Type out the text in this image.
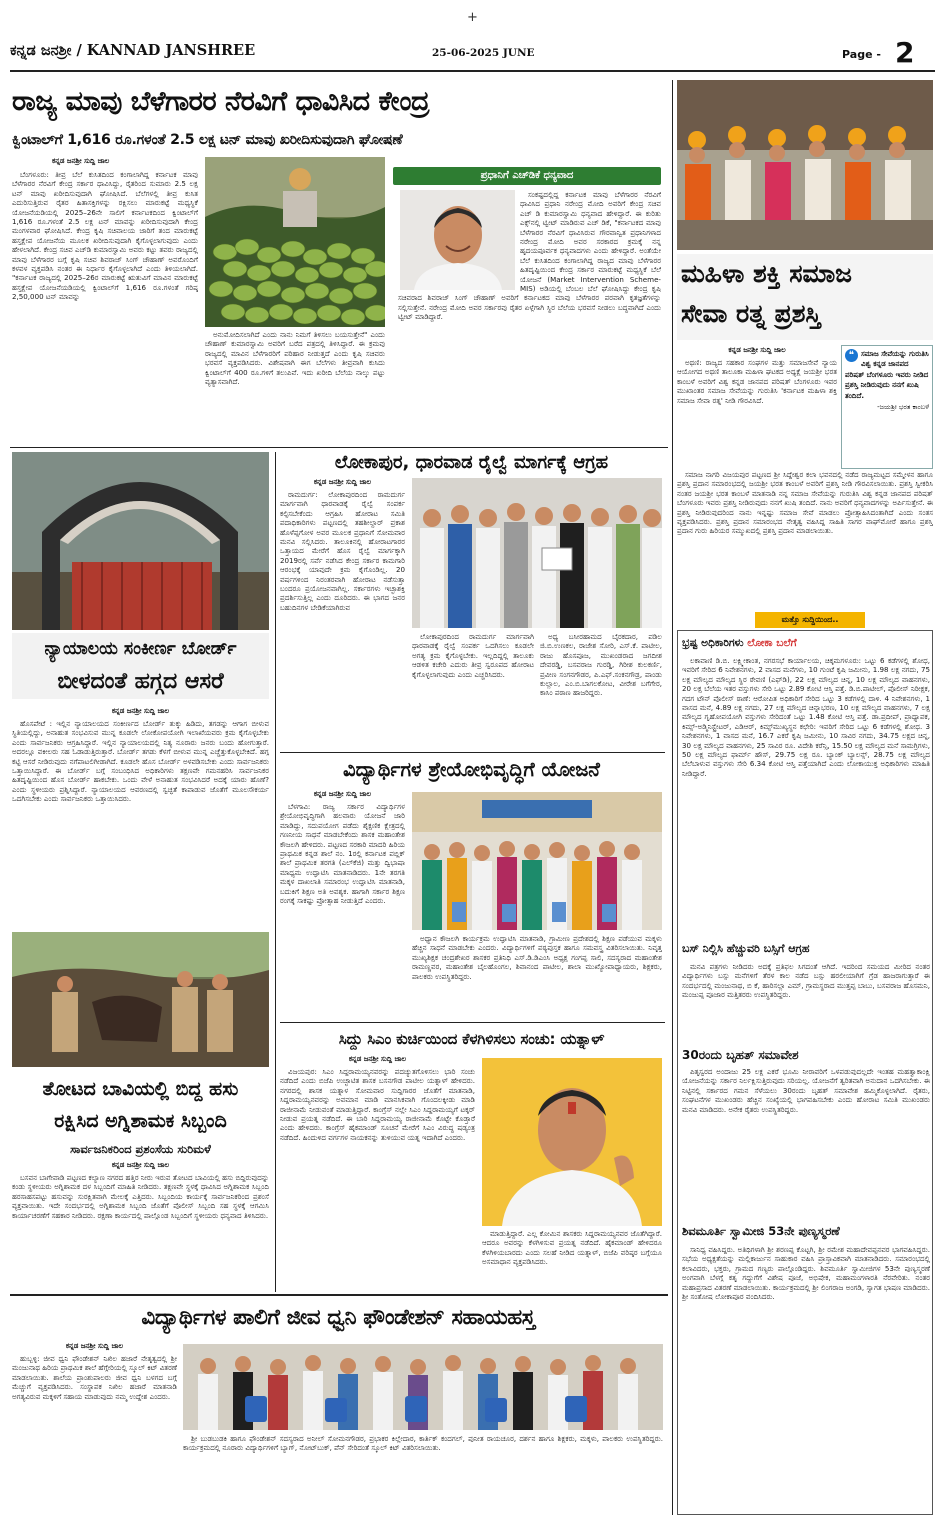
ಕನ್ನಡ ಜನಶ್ರೀ / KANNAD JANSHREE
+
25-06-2025 JUNE	Page - 2
ರಾಜ್ಯ ಮಾವು ಬೆಳೆಗಾರರ ನೆರವಿಗೆ ಧಾವಿಸಿದ ಕೇಂದ್ರ
ಕ್ವಿಂಟಾಲ್‌ಗೆ 1,616 ರೂ.ಗಳಂತೆ 2.5 ಲಕ್ಷ ಟನ್ ಮಾವು ಖರೀದಿಸುವುದಾಗಿ ಘೋಷಣೆ
ಕನ್ನಡ ಜನಶ್ರೀ ಸುದ್ದಿ ಜಾಲ

ಬೆಂಗಳೂರು: ತೀವ್ರ ಬೆಲೆ ಕುಸಿತದಿಂದ ಕಂಗಾಲಾಗಿದ್ದ ಕರ್ನಾಟಕ ಮಾವು ಬೆಳೆಗಾರರ ನೆರವಿಗೆ ಕೇಂದ್ರ ಸರ್ಕಾರ ಧಾವಿಸಿದ್ದು, ರೈತರಿಂದ ಸುಮಾರು 2.5 ಲಕ್ಷ ಟನ್ ಮಾವು ಖರೀದಿಸುವುದಾಗಿ ಘೋಷಿಸಿದೆ. ಬೆಲೆಗಳಲ್ಲಿ ತೀವ್ರ ಕುಸಿತ ಎದುರಿಸುತ್ತಿರುವ ರೈತರ ಹಿತಾಸಕ್ತಿಗಳನ್ನು ರಕ್ಷಿಸಲು ಮಾರುಕಟ್ಟೆ ಮಧ್ಯಸ್ಥಿಕೆ ಯೋಜನೆಯಡಿಯಲ್ಲಿ 2025–26ನೇ ಸಾಲಿಗೆ ಕರ್ನಾಟಕದಿಂದ ಕ್ವಿಂಟಾಲ್‌ಗೆ 1,616 ರೂ.ಗಳಂತೆ 2.5 ಲಕ್ಷ ಟನ್ ಮಾವನ್ನು ಖರೀದಿಸುವುದಾಗಿ ಕೇಂದ್ರ ಮಂಗಳವಾರ ಘೋಷಿಸಿದೆ. ಕೇಂದ್ರ ಕೃಷಿ ಸಚಿವಾಲಯ ಜಾರಿಗೆ ತಂದ ಮಾರುಕಟ್ಟೆ ಹಸ್ತಕ್ಷೇಪ ಯೋಜನೆಯ ಮೂಲಕ ಖರೀದಿಸುವುದಾಗಿ ಕೈಗೊಳ್ಳಲಾಗುವುದು ಎಂದು ಹೇಳಲಾಗಿದೆ. ಕೇಂದ್ರ ಸಚಿವ ಎಚ್‌ಡಿ ಕುಮಾರಸ್ವಾಮಿ ಅವರು ಕಟ್ಟು ತವರು ರಾಜ್ಯದಲ್ಲಿ ಮಾವು ಬೆಳೆಗಾರರ ಬಗ್ಗೆ ಕೃಷಿ ಸಚಿವ ಶಿವರಾಜ್ ಸಿಂಗ್ ಚೌಹಾಣ್ ಅವರೊಂದಿಗೆ ಕಳವಳ ವ್ಯಕ್ತಪಡಿಸಿ ನಂತರ ಈ ನಿರ್ಧಾರ ಕೈಗೊಳ್ಳಲಾಗಿದೆ ಎಂದು ತಿಳಿಯಲಾಗಿದೆ. "ಕರ್ನಾಟಕ ರಾಜ್ಯದಲ್ಲಿ 2025–26ರ ಮಾರುಕಟ್ಟೆ ಋತುವಿಗೆ ಮಾವಿನ ಮಾರುಕಟ್ಟೆ ಹಸ್ತಕ್ಷೇಪ ಯೋಜನೆಯಡಿಯಲ್ಲಿ ಕ್ವಿಂಟಾಲ್‌ಗೆ 1,616 ರೂ.ಗಳಂತೆ ಗರಿಷ್ಠ 2,50,000 ಟನ್ ಮಾವನ್ನು

ಅನುಮೋದಿಸಲಾಗಿದೆ ಎಂದು ನಾನು ನಿಮಗೆ ತಿಳಿಸಲು ಬಯಸುತ್ತೇನೆ" ಎಂದು ಚೌಹಾಣ್ ಕುಮಾರಸ್ವಾಮಿ ಅವರಿಗೆ ಬರೆದ ಪತ್ರದಲ್ಲಿ ತಿಳಿಸಿದ್ದಾರೆ. ಈ ಕ್ರಮವು ರಾಜ್ಯದಲ್ಲಿ ಮಾವಿನ ಬೆಳೆಗಾರರಿಗೆ ಪರಿಹಾರ ನೀಡುತ್ತದೆ ಎಂದು ಕೃಷಿ ಸಚಿವರು ಭರವಸೆ ವ್ಯಕ್ತಪಡಿಸಿದರು. ವಿಶೇಷವಾಗಿ ಈಗ ಬೆಲೆಗಳು ತೀವ್ರವಾಗಿ ಕುಸಿದು ಕ್ವಿಂಟಾಲ್‌ಗೆ 400 ರೂ.ಗಳಿಗೆ ತಲುಪಿವೆ. ಇದು ಖರೀದಿ ಬೆಲೆಯ ನಾಲ್ಕು ಪಟ್ಟು ವ್ಯತ್ಯಾಸವಾಗಿದೆ.

ಪ್ರಧಾನಿಗೆ ಎಚ್‌ಡಿಕೆ ಧನ್ಯವಾದ

ಸಂಕಷ್ಟದಲ್ಲಿದ್ದ ಕರ್ನಾಟಕ ಮಾವು ಬೆಳೆಗಾರರ ನೆರವಿಗೆ ಧಾವಿಸಿದ ಪ್ರಧಾನಿ ನರೇಂದ್ರ ಮೋದಿ ಅವರಿಗೆ ಕೇಂದ್ರ ಸಚಿವ ಎಚ್ ಡಿ ಕುಮಾರಸ್ವಾಮಿ ಧನ್ಯವಾದ ಹೇಳಿದ್ದಾರೆ. ಈ ಕುರಿತು ಎಕ್ಸ್‌ನಲ್ಲಿ ಟ್ವೀಟ್ ಮಾಡಿರುವ ಎಚ್ ಡಿಕೆ, "ಕರ್ನಾಟಕದ ಮಾವು ಬೆಳೆಗಾರರ ನೆರವಿಗೆ ಧಾವಿಸಿರುವ ಗೌರವಾನ್ವಿತ ಪ್ರಧಾನಿಗಳಾದ ನರೇಂದ್ರ ಮೋದಿ ಅವರ ಸರಕಾರದ ಕ್ರಮಕ್ಕೆ ನನ್ನ ಹೃದಯಪೂರ್ವಕ ಧನ್ಯವಾದಗಳು ಎಂದು ಹೇಳಿದ್ದಾರೆ. ಅಂತೆಯೇ ಬೆಲೆ ಕುಸಿತದಿಂದ ಕಂಗಾಲಾಗಿದ್ದ ರಾಜ್ಯದ ಮಾವು ಬೆಳೆಗಾರರ ಹಿತದೃಷ್ಟಿಯಿಂದ ಕೇಂದ್ರ ಸರ್ಕಾರ ಮಾರುಕಟ್ಟೆ ಮಧ್ಯಸ್ಥಿಕೆ ಬೆಲೆ ಯೋಜನೆ (Market Intervention Scheme-MIS) ಅಡಿಯಲ್ಲಿ ಬೆಂಬಲ ಬೆಲೆ ಘೋಷಿಸಿದ್ದು ಕೇಂದ್ರ ಕೃಷಿ ಸಚಿವರಾದ ಶಿವರಾಜ್ ಸಿಂಗ್ ಚೌಹಾಣ್ ಅವರಿಗೆ ಕರ್ನಾಟಕದ ಮಾವು ಬೆಳೆಗಾರರ ಪರವಾಗಿ ಕೃತಜ್ಞತೆಗಳನ್ನು ಸಲ್ಲಿಸುತ್ತೇನೆ. ನರೇಂದ್ರ ಮೋದಿ ಅವರ ಸರ್ಕಾರವು ರೈತರ ಏಳ್ಗೆಗಾಗಿ ಸ್ಥಿರ ಬೆಲೆಯ ಭರವಸೆ ನೀಡಲು ಬದ್ಧವಾಗಿದೆ ಎಂದು ಟ್ವೀಟ್ ಮಾಡಿದ್ದಾರೆ.

ಮಹಿಳಾ ಶಕ್ತಿ ಸಮಾಜ
ಸೇವಾ ರತ್ನ ಪ್ರಶಸ್ತಿ
ಕನ್ನಡ ಜನಶ್ರೀ ಸುದ್ದಿ ಜಾಲ

ಅಥಣಿ: ರಾಜ್ಯದ ಸಹಕಾರ ಸಂಘಗಳ ಮತ್ತು ಸಮಾಜಸೇವೆ ನ್ಯಾಯ ಆಯೋಗದ ಅಥಣಿ ತಾಲೂಕಾ ಮಹಿಳಾ ಘಟಕದ ಅಧ್ಯಕ್ಷೆ ಜಯಶ್ರೀ ಭರತ ಕಾಂಬಳೆ ಅವರಿಗೆ ವಿಶ್ವ ಕನ್ನಡ ಜಾನಪದ ಪರಿಷತ್ ಬೆಂಗಳೂರು ಇವರ ಮುಖಾಂತರ ಸಮಾಜ ಸೇವೆಯನ್ನು ಗುರುತಿಸಿ 'ಕರ್ನಾಟಕ ಮಹಿಳಾ ಶಕ್ತಿ ಸಮಾಜ ಸೇವಾ ರತ್ನ' ನೀಡಿ ಗೌರವಿಸಿದೆ.

❝ ಸಮಾಜ ಸೇವೆಯನ್ನು ಗುರುತಿಸಿ ವಿಶ್ವ ಕನ್ನಡ ಜಾನಪದ ಪರಿಷತ್ ಬೆಂಗಳೂರು ಇವರು ನೀಡಿದ ಪ್ರಶಸ್ತಿ ನೀಡಿರುವುದು ನನಗೆ ಖುಷಿ ತಂದಿದೆ.
-ಜಯಶ್ರೀ ಭರತ ಕಾಂಬಳೆ

ಸಮಾಜ ನಾಗರಿ ವಿಜಯಪುರ ಪಟ್ಟಣದ ಶ್ರೀ ಸಿದ್ದೇಶ್ವರ ಕಲಾ ಭವನದಲ್ಲಿ ನಡೆದ ರಾಜ್ಯಮಟ್ಟದ ಸಮ್ಮೇಳನ ಹಾಗೂ ಪ್ರಶಸ್ತಿ ಪ್ರದಾನ ಸಮಾರಂಭದಲ್ಲಿ ಜಯಶ್ರೀ ಭರತ ಕಾಂಬಳೆ ಅವರಿಗೆ ಪ್ರಶಸ್ತಿ ನೀಡಿ ಗೌರವಿಸಲಾಯಿತು. ಪ್ರಶಸ್ತಿ ಸ್ವೀಕರಿಸಿ ನಂತರ ಜಯಶ್ರೀ ಭರತ ಕಾಂಬಳೆ ಮಾತನಾಡಿ ನನ್ನ ಸಮಾಜ ಸೇವೆಯನ್ನು ಗುರುತಿಸಿ ವಿಶ್ವ ಕನ್ನಡ ಜಾನಪದ ಪರಿಷತ್ ಬೆಂಗಳೂರು ಇವರು ಪ್ರಶಸ್ತಿ ನೀಡಿರುವುದು ನನಗೆ ಖುಷಿ ತಂದಿದೆ. ನಾನು ಅವರಿಗೆ ಧನ್ಯವಾದಗಳನ್ನು ಅರ್ಪಿಸುತ್ತೇನೆ. ಈ ಪ್ರಶಸ್ತಿ ನೀಡಿರುವುದರಿಂದ ನಾನು ಇನ್ನಷ್ಟು ಸಮಾಜ ಸೇವೆ ಮಾಡಲು ಪ್ರೋತ್ಸಾಹಿಸಿದಂತಾಗಿದೆ ಎಂದು ಸಂತಸ ವ್ಯಕ್ತಪಡಿಸಿದರು. ಪ್ರಶಸ್ತಿ ಪ್ರದಾನ ಸಮಾರಂಭದ ನೇತೃತ್ವ ವಹಿಸಿದ್ದ ಸಾಹಿತಿ ಸಾಗರ ವಾಘ್‌ಮೋರೆ ಹಾಗೂ ಪ್ರಶಸ್ತಿ ಪ್ರದಾನ ಗುರು ಹಿರಿಯರ ಸಮ್ಮುಖದಲ್ಲಿ ಪ್ರಶಸ್ತಿ ಪ್ರದಾನ ಮಾಡಲಾಯಿತು.

ನ್ಯಾಯಾಲಯ ಸಂಕೀರ್ಣ ಬೋರ್ಡ್
ಬೀಳದಂತೆ ಹಗ್ಗದ ಆಸರೆ
ಕನ್ನಡ ಜನಶ್ರೀ ಸುದ್ದಿ ಜಾಲ

ಹೊಸಪೇಟೆ : ಇಲ್ಲಿನ ನ್ಯಾಯಾಲಯದ ಸಂಕೀರ್ಣದ ಬೋರ್ಡ್ ತುಕ್ಕು ಹಿಡಿದು, ತಗಡನ್ನು ಆಗಾಗ ಬೀಳುವ ಸ್ಥಿತಿಯಲ್ಲಿದ್ದು, ಅನಾಹುತ ಸಂಭವಿಸುವ ಮುನ್ನ ಕೂಡಲೇ ಲೋಕೋಪಯೋಗಿ ಇಲಾಖೆಯವರು ಕ್ರಮ ಕೈಗೊಳ್ಳಬೇಕು ಎಂದು ಸಾರ್ವಜನಿಕರು ಆಗ್ರಹಿಸಿದ್ದಾರೆ. ಇಲ್ಲಿನ ನ್ಯಾಯಾಲಯದಲ್ಲಿ ನಿತ್ಯ ನೂರಾರು ಜನರು ಬಂದು ಹೋಗುತ್ತಾರೆ. ಅದರಲ್ಲೂ ವಕೀಲರು ಸಹ ಓಡಾಡುತ್ತಿರುತ್ತಾರೆ. ಬೋರ್ಡ್ ತಗಡು ಕೆಳಗೆ ಬೀಳುವ ಮುನ್ನ ಎಚ್ಚೆತ್ತುಕೊಳ್ಳಬೇಕಿದೆ. ಹಗ್ಗ ಕಟ್ಟಿ ಆಸರೆ ನೀಡಿರುವುದು ನಗೆಪಾಟಲಿಗೀಡಾಗಿದೆ. ಕೂಡಲೇ ಹೊಸ ಬೋರ್ಡ್ ಅಳವಡಿಸಬೇಕು ಎಂದು ಸಾರ್ವಜನಿಕರು ಒತ್ತಾಯಿಸಿದ್ದಾರೆ. ಈ ಬೋರ್ಡ್ ಬಗ್ಗೆ ಸಂಬಂಧಿಸಿದ ಅಧಿಕಾರಿಗಳು ತಕ್ಷಣವೇ ಗಮನಹರಿಸಿ ಸಾರ್ವಜನಿಕರ ಹಿತದೃಷ್ಟಿಯಿಂದ ಹೊಸ ಬೋರ್ಡ್ ಹಾಕಬೇಕು. ಒಂದು ವೇಳೆ ಅನಾಹುತ ಸಂಭವಿಸಿದರೆ ಅದಕ್ಕೆ ಯಾರು ಹೊಣೆ? ಎಂದು ಸ್ಥಳೀಯರು ಪ್ರಶ್ನಿಸಿದ್ದಾರೆ. ನ್ಯಾಯಾಲಯದ ಆವರಣದಲ್ಲಿ ಸ್ವಚ್ಛತೆ ಕಾಪಾಡುವ ಜೊತೆಗೆ ಮೂಲಸೌಕರ್ಯ ಒದಗಿಸಬೇಕು ಎಂದು ಸಾರ್ವಜನಿಕರು ಒತ್ತಾಯಿಸಿದರು.

ತೋಟದ ಬಾವಿಯಲ್ಲಿ ಬಿದ್ದ ಹಸು
ರಕ್ಷಿಸಿದ ಅಗ್ನಿಶಾಮಕ ಸಿಬ್ಬಂದಿ
ಸಾರ್ವಜನಿಕರಿಂದ ಪ್ರಶಂಸೆಯ ಸುರಿಮಳೆ
ಕನ್ನಡ ಜನಶ್ರೀ ಸುದ್ದಿ ಜಾಲ

ಬಸವನ ಬಾಗೇವಾಡಿ ಪಟ್ಟಣದ ಕಲ್ಯಾಣ ನಗರದ ಹತ್ತಿರ ನೀರು ಇರುವ ತೋಟದ ಬಾವಿಯಲ್ಲಿ ಹಸು ಬಿದ್ದಿರುವುದನ್ನು ಕಂಡು ಸ್ಥಳೀಯರು ಅಗ್ನಿಶಾಮಕ ದಳ ಸಿಬ್ಬಂದಿಗೆ ಮಾಹಿತಿ ನೀಡಿದರು. ತಕ್ಷಣವೇ ಸ್ಥಳಕ್ಕೆ ಧಾವಿಸಿದ ಅಗ್ನಿಶಾಮಕ ಸಿಬ್ಬಂದಿ ಹರಸಾಹಸಪಟ್ಟು ಹಸುವನ್ನು ಸುರಕ್ಷಿತವಾಗಿ ಮೇಲಕ್ಕೆ ಎತ್ತಿದರು. ಸಿಬ್ಬಂದಿಯ ಕಾರ್ಯಕ್ಕೆ ಸಾರ್ವಜನಿಕರಿಂದ ಪ್ರಶಂಸೆ ವ್ಯಕ್ತವಾಯಿತು. ಇದೇ ಸಂದರ್ಭದಲ್ಲಿ ಅಗ್ನಿಶಾಮಕ ಸಿಬ್ಬಂದಿ ಜೊತೆಗೆ ಪೊಲೀಸ್ ಸಿಬ್ಬಂದಿ ಸಹ ಸ್ಥಳಕ್ಕೆ ಆಗಮಿಸಿ ಕಾರ್ಯಾಚರಣೆಗೆ ಸಹಕಾರ ನೀಡಿದರು. ರಕ್ಷಣಾ ಕಾರ್ಯದಲ್ಲಿ ಪಾಲ್ಗೊಂಡ ಸಿಬ್ಬಂದಿಗೆ ಸ್ಥಳೀಯರು ಧನ್ಯವಾದ ತಿಳಿಸಿದರು.

ಲೋಕಾಪುರ, ಧಾರವಾಡ ರೈಲ್ವೆ ಮಾರ್ಗಕ್ಕೆ ಆಗ್ರಹ
ಕನ್ನಡ ಜನಶ್ರೀ ಸುದ್ದಿ ಜಾಲ

ರಾಮದುರ್ಗ: ಲೋಕಾಪುರದಿಂದ ರಾಮದುರ್ಗ ಮಾರ್ಗವಾಗಿ ಧಾರವಾಡಕ್ಕೆ ರೈಲ್ವೆ ಸಂಪರ್ಕ ಕಲ್ಪಿಸಬೇಕೆಂದು ಆಗ್ರಹಿಸಿ ಹೋರಾಟ ಸಮಿತಿ ಪದಾಧಿಕಾರಿಗಳು ಪಟ್ಟಣದಲ್ಲಿ ತಹಶೀಲ್ದಾರ್ ಪ್ರಕಾಶ ಹೊಳೆಪ್ಪಗೋಳ ಅವರ ಮೂಲಕ ಪ್ರಧಾನಿಗೆ ಸೋಮವಾರ ಮನವಿ ಸಲ್ಲಿಸಿದರು. ತಾಲೂಕಿನಲ್ಲಿ ಹೋರಾಟಗಾರರ ಒತ್ತಾಯದ ಮೇರೆಗೆ ಹೊಸ ರೈಲ್ವೆ ಮಾರ್ಗಕ್ಕಾಗಿ 2019ರಲ್ಲಿ ಸರ್ವೆ ನಡೆಸಿದ ಕೇಂದ್ರ ಸರ್ಕಾರ ಕಾಮಗಾರಿ ಆರಂಭಕ್ಕೆ ಯಾವುದೇ ಕ್ರಮ ಕೈಗೊಂಡಿಲ್ಲ. 20 ವರ್ಷಗಳಿಂದ ನಿರಂತರವಾಗಿ ಹೋರಾಟ ನಡೆಸುತ್ತಾ ಬಂದರೂ ಪ್ರಯೋಜನವಾಗಿಲ್ಲ. ಸರ್ಕಾರಗಳು ಇಚ್ಛಾಶಕ್ತಿ ಪ್ರದರ್ಶಿಸುತ್ತಿಲ್ಲ ಎಂದು ದೂರಿದರು. ಈ ಭಾಗದ ಜನರ ಬಹುದಿನಗಳ ಬೇಡಿಕೆಯಾಗಿರುವ

ಲೋಕಾಪುರದಿಂದ ರಾಮದುರ್ಗ ಮಾರ್ಗವಾಗಿ ಧಾರವಾಡಕ್ಕೆ ರೈಲ್ವೆ ಸಂಪರ್ಕ ಒದಗಿಸಲು ಕೂಡಲೇ ಅಗತ್ಯ ಕ್ರಮ ಕೈಗೊಳ್ಳಬೇಕು. ಇಲ್ಲದಿದ್ದಲ್ಲಿ ತಾಲೂಕು ಆಡಳಿತ ಕಚೇರಿ ಎದುರು ತೀವ್ರ ಸ್ವರೂಪದ ಹೋರಾಟ ಕೈಗೊಳ್ಳಲಾಗುವುದು ಎಂದು ಎಚ್ಚರಿಸಿದರು.

ಅಧ್ಯ ಬಸೀರಹಾಮದ ಬೈರಕದಾರ, ಪಡಿಲ ಜಿ.ಬಿ.ಉಣಕಲ, ರಾಜೇಶ ಸೋರಿ, ಎಸ್.ಕೆ. ಪಾಟೀಲ, ರಾಜು ಹೊಸಪೂಜ, ಮುಖಂಡರಾದ ಜಗದೀಶ ದೇವರಡ್ಡಿ, ಬಸವರಾಜ ಗುರಡ್ಡಿ, ಗಿರೀಶ ಕುಲಕರ್ಣಿ, ಪ್ರವೀಣ ಸಂಗನಗೌಡರ, ಪಿ.ಎಫ್.ಸಂಕನಗೌಡ್ರ, ಪಾಂಡು ಕುಲ್ಲಾಲ, ಎಂ.ಬಿ.ಬಾಗಲಕೋಟ, ವೀರೇಶ ಬಗೆಗೇರ, ಕಾಸಿಂ ಪಠಾಣ ಹಾಜರಿದ್ದರು.

ವಿದ್ಯಾರ್ಥಿಗಳ ಶ್ರೇಯೋಭಿವೃದ್ಧಿಗೆ ಯೋಜನೆ
ಕನ್ನಡ ಜನಶ್ರೀ ಸುದ್ದಿ ಜಾಲ

ಬೆಳಗಾವಿ: ರಾಜ್ಯ ಸರ್ಕಾರ ವಿದ್ಯಾರ್ಥಿಗಳ ಶ್ರೇಯೋಭಿವೃದ್ಧಿಗಾಗಿ ಹಲವಾರು ಯೋಜನೆ ಜಾರಿ ಮಾಡಿದ್ದು, ಸದುಪಯೋಗ ಪಡೆದು ಶೈಕ್ಷಣಿಕ ಕ್ಷೇತ್ರದಲ್ಲಿ ಗಣನೀಯ ಸಾಧನೆ ಮಾಡಬೇಕೆಂದು ಶಾಸಕ ಮಹಾಂತೇಶ ಕೌಜಲಗಿ ಹೇಳಿದರು. ಪಟ್ಟಣದ ಸರಕಾರಿ ಮಾದರಿ ಹಿರಿಯ ಪ್ರಾಥಮಿಕ ಕನ್ನಡ ಶಾಲೆ ನಂ. 1ರಲ್ಲಿ ಕರ್ನಾಟಕ ಪಬ್ಲಿಕ್ ಶಾಲೆ ಪ್ರಾಥಮಿಕ ತರಗತಿ (ಎಲ್‌ಕೆಜಿ) ಮತ್ತು ದ್ವಿಭಾಷಾ ಮಾಧ್ಯಮ ಉದ್ಘಾಟಿಸಿ ಮಾತನಾಡಿದರು. 1ನೇ ತರಗತಿ ಮಕ್ಕಳ ದಾಖಲಾತಿ ಸಮಾರಂಭ ಉದ್ಘಾಟಿಸಿ ಮಾತನಾಡಿ, ಬದುಕಿಗೆ ಶಿಕ್ಷಣ ಅತಿ ಅವಶ್ಯಕ. ಹಾಗಾಗಿ ಸರ್ಕಾರ ಶಿಕ್ಷಣ ರಂಗಕ್ಕೆ ಸಾಕಷ್ಟು ಪ್ರೋತ್ಸಾಹ ನೀಡುತ್ತಿದೆ ಎಂದರು.

ಅಧ್ಯಾನ ಕೌಜಲಗಿ ಕಾರ್ಯಕ್ರಮ ಉದ್ಘಾಟಿಸಿ ಮಾತನಾಡಿ, ಗ್ರಾಮೀಣ ಪ್ರದೇಶದಲ್ಲಿ ಶಿಕ್ಷಣ ಪಡೆಯುವ ಮಕ್ಕಳು ಹೆಚ್ಚಿನ ಸಾಧನೆ ಮಾಡಬೇಕು ಎಂದರು. ವಿದ್ಯಾರ್ಥಿಗಳಿಗೆ ಪಠ್ಯಪುಸ್ತಕ ಹಾಗೂ ಸಮವಸ್ತ್ರ ವಿತರಿಸಲಾಯಿತು. ನಿವೃತ್ತ ಮುಖ್ಯಶಿಕ್ಷಕ ಚಂದ್ರಶೇಖರ ಶಾಸಕರ ಪ್ರತಿನಿಧಿ ಎಸ್.ಡಿ.ಡಿಎಂಸಿ ಅಧ್ಯಕ್ಷ ಗಂಗಪ್ಪ ಸಾಲಿ, ಸದಸ್ಯರಾದ ಮಹಾಂತೇಶ ರಾಮಣ್ಣವರ, ಮಹಾಂತೇಶ ಬೈಲಹೊಂಗಲ, ಶಿವಾನಂದ ಪಾಟೀಲ, ಶಾಲಾ ಮುಖ್ಯೋಪಾಧ್ಯಾಯರು, ಶಿಕ್ಷಕರು, ಪಾಲಕರು ಉಪಸ್ಥಿತರಿದ್ದರು.

ಸಿದ್ದು ಸಿಎಂ ಕುರ್ಚಿಯಿಂದ ಕೆಳಗಿಳಿಸಲು ಸಂಚು: ಯತ್ನಾಳ್
ಕನ್ನಡ ಜನಶ್ರೀ ಸುದ್ದಿ ಜಾಲ

ವಿಜಯಪುರ: ಸಿಎಂ ಸಿದ್ದರಾಮಯ್ಯನವರನ್ನು ಪದಚ್ಯುತಗೊಳಿಸಲು ಭಾರಿ ಸಂಚು ನಡೆದಿದೆ ಎಂದು ಬಿಜೆಪಿ ಉಚ್ಛಾಟಿತ ಶಾಸಕ ಬಸನಗೌಡ ಪಾಟೀಲ ಯತ್ನಾಳ್ ಹೇಳಿದರು. ನಗರದಲ್ಲಿ ಶಾಸಕ ಯತ್ನಾಳ ಸೋಮವಾರ ಸುದ್ದಿಗಾರರ ಜೊತೆಗೆ ಮಾತನಾಡಿ, ಸಿದ್ದರಾಮಯ್ಯನವರನ್ನು ಅವಮಾನ ಮಾಡಿ ಮಾನಸಿಕವಾಗಿ ಗೊಂದಲಕ್ಕೀಡು ಮಾಡಿ ರಾಜೀನಾಮೆ ನೀಡುವಂತೆ ಮಾಡುತ್ತಿದ್ದಾರೆ. ಕಾಂಗ್ರೆಸ್ ನಲ್ಲೇ ಸಿಎಂ ಸಿದ್ದರಾಮಯ್ಯಗೆ ಟಕ್ಕರ್ ನೀಡುವ ಪ್ರಯತ್ನ ನಡೆದಿದೆ. ಈ ಬಾರಿ ಸಿದ್ದರಾಮಯ್ಯ ರಾಜೀನಾಮೆ ಕೊಟ್ಟೇ ಕೊಡ್ತಾರೆ ಎಂದು ಹೇಳಿದರು. ಕಾಂಗ್ರೆಸ್ ಹೈಕಮಾಂಡ್ ಸೂಚನೆ ಮೇರೆಗೆ ಸಿಎಂ ವಿರುದ್ಧ ಷಡ್ಯಂತ್ರ ನಡೆದಿದೆ. ಹಿಂದುಳಿದ ವರ್ಗಗಳ ನಾಯಕನನ್ನು ತುಳಿಯುವ ಯತ್ನ ಇದಾಗಿದೆ ಎಂದರು.

ಮಾಡುತ್ತಿದ್ದಾರೆ. ಎಲ್ಲ ಕೋಮಿನ ಶಾಸಕರು ಸಿದ್ದರಾಮಯ್ಯನವರ ಜೊತೆಗಿದ್ದಾರೆ. ಆದರೂ ಅವರನ್ನು ಕೆಳಗಿಳಿಸುವ ಪ್ರಯತ್ನ ನಡೆದಿದೆ. ಹೈಕಮಾಂಡ್ ಹೇಳಿದರೂ ಕೆಳಗಿಳಿಯಬಾರದು ಎಂದು ಸಲಹೆ ನೀಡಿದ ಯತ್ನಾಳ್, ಬಿಜೆಪಿ ವರಿಷ್ಠರ ಬಗ್ಗೆಯೂ ಅಸಮಾಧಾನ ವ್ಯಕ್ತಪಡಿಸಿದರು.

ವಿದ್ಯಾರ್ಥಿಗಳ ಪಾಲಿಗೆ ಜೀವ ಧ್ವನಿ ಫೌಂಡೇಶನ್ ಸಹಾಯಹಸ್ತ
ಕನ್ನಡ ಜನಶ್ರೀ ಸುದ್ದಿ ಜಾಲ

ಹುಬ್ಬಳ್ಳಿ: ಜೀವ ಧ್ವನಿ ಫೌಂಡೇಶನ್ ನಿಖಿಲ ಹಜಾರೆ ನೇತೃತ್ವದಲ್ಲಿ ಶ್ರೀ ಮಂಜುನಾಥ ಹಿರಿಯ ಪ್ರಾಥಮಿಕ ಶಾಲೆ ಹೆಗ್ಗೇರಿಯಲ್ಲಿ ಸ್ಕೂಲ್ ಕಿಟ್ ವಿತರಣೆ ಮಾಡಲಾಯಿತು. ಶಾಲೆಯ ಪ್ರಾಂಶುಪಾಲರು ಜೀವ ಧ್ವನಿ ಬಳಗದ ಬಗ್ಗೆ ಮೆಚ್ಚುಗೆ ವ್ಯಕ್ತಪಡಿಸಿದರು. ಸಂಸ್ಥಾಪಕ ನಿಖಿಲ ಹಜಾರೆ ಮಾತನಾಡಿ ಅಗತ್ಯವಿರುವ ಮಕ್ಕಳಿಗೆ ಸಹಾಯ ಮಾಡುವುದು ನಮ್ಮ ಉದ್ದೇಶ ಎಂದರು.

ಶ್ರೀ ಬುಡಬುಡಕಿ ಹಾಗೂ ಫೌಂಡೇಶನ್ ಸದಸ್ಯರಾದ ಅನೀಲ್ ಸೋಮನಗೌಡರ, ಪ್ರಭಾಕರ ಕಿಲ್ಲೇದಾರ, ಕಾರ್ತಿಕ್ ಕಂದಗಲ್, ಪುನೀತ ರಾಯಚೂರ, ದರ್ಶನ ಹಾಗೂ ಶಿಕ್ಷಕರು, ಮಕ್ಕಳು, ಪಾಲಕರು ಉಪಸ್ಥಿತರಿದ್ದರು. ಕಾರ್ಯಕ್ರಮದಲ್ಲಿ ನೂರಾರು ವಿದ್ಯಾರ್ಥಿಗಳಿಗೆ ಬ್ಯಾಗ್, ನೋಟ್‌ಬುಕ್, ಪೆನ್ ಸೇರಿದಂತೆ ಸ್ಕೂಲ್ ಕಿಟ್ ವಿತರಿಸಲಾಯಿತು.

ಮತ್ತೊ ಸುದ್ದಿಯಿಂದ..
ಭ್ರಷ್ಟ ಅಧಿಕಾರಿಗಳು ಲೋಕಾ ಬಲೆಗೆ

ಲಕಾವಾಣಿ ಡಿ.ಬಿ. ಲಕ್ಷ್ಮೀಕಾಂತ, ನಗರಸಭೆ ಕಾರ್ಯಾಲಯ, ಚಿಕ್ಕಮಗಳೂರು: ಒಟ್ಟು 6 ಕಡೆಗಳಲ್ಲಿ ಶೋಧ, ಇವರಿಗೆ ಸೇರಿದ 6 ನಿವೇಶನಗಳು, 2 ವಾಸದ ಮನೆಗಳು, 10 ಗುಂಟೆ ಕೃಷಿ ಜಮೀನು, 1.98 ಲಕ್ಷ ನಗದು, 75 ಲಕ್ಷ ಮೌಲ್ಯದ ಮೌಲ್ಯದ ಸ್ಥಿರ ಠೇವಣಿ (ಎಫ್‌ಡಿ), 22 ಲಕ್ಷ ಮೌಲ್ಯದ ಚಿನ್ನ, 10 ಲಕ್ಷ ಮೌಲ್ಯದ ವಾಹನಗಳು, 20 ಲಕ್ಷ ಬೆಲೆಯ ಇತರ ವಸ್ತುಗಳು ಸೇರಿ ಒಟ್ಟು 2.89 ಕೋಟಿ ಆಸ್ತಿ ಪತ್ತೆ. ಡಿ.ಬಿ.ಪಾಟೀಲ್, ಪೊಲೀಸ್ ನಿರೀಕ್ಷಕ, ಗದಗ ಟೌನ್ ಪೊಲೀಸ್ ಠಾಣೆ: ಆರೋಪಿತ ಅಧಿಕಾರಿಗೆ ಸೇರಿದ ಒಟ್ಟು 3 ಕಡೆಗಳಲ್ಲಿ ದಾಳಿ. 4 ನಿವೇಶನಗಳು, 1 ವಾಸದ ಮನೆ, 4.89 ಲಕ್ಷ ನಗದು, 27 ಲಕ್ಷ ಮೌಲ್ಯದ ಚಿನ್ನಾಭರಣ, 10 ಲಕ್ಷ ಮೌಲ್ಯದ ವಾಹನಗಳು, 7 ಲಕ್ಷ ಮೌಲ್ಯದ ಗೃಹೋಪಯೋಗಿ ವಸ್ತುಗಳು ಸೇರಿದಂತೆ ಒಟ್ಟು 1.48 ಕೋಟಿ ಆಸ್ತಿ ಪತ್ತೆ. ಡಾ.ಪ್ರದೀಪ್, ಪ್ರಾಧ್ಯಾಪಕ, ಕಿಮ್ಸ್-ಅಡ್ಮಿನಿಸ್ಟ್ರೇಟರ್, ಎಡಿಆರ್, ಕಿಮ್ಸ್‌ಮುಖ್ಯಸ್ಥನ ಕಛೇರಿ: ಇವರಿಗೆ ಸೇರಿದ ಒಟ್ಟು 6 ಕಡೆಗಳಲ್ಲಿ ಶೋಧ. 3 ನಿವೇಶನಗಳು, 1 ವಾಸದ ಮನೆ, 16.7 ಎಕರೆ ಕೃಷಿ ಜಮೀನು, 10 ಸಾವಿರ ನಗದು, 34.75 ಲಕ್ಷದ ಚಿನ್ನ, 30 ಲಕ್ಷ ಮೌಲ್ಯದ ವಾಹನಗಳು, 25 ಸಾವಿರ ರೂ. ವಿದೇಶಿ ಕರೆನ್ಸಿ, 15.50 ಲಕ್ಷ ಮೌಲ್ಯದ ಮನೆ ಸಾಮಗ್ರಿಗಳು, 50 ಲಕ್ಷ ಮೌಲ್ಯದ ಫಾರ್ಮ್ ಹೌಸ್, 29.75 ಲಕ್ಷ ರೂ. ಬ್ಯಾಂಕ್ ಬ್ಯಾಲನ್ಸ್, 28.75 ಲಕ್ಷ ಮೌಲ್ಯದ ಬೆಲೆಬಾಳುವ ವಸ್ತುಗಳು ಸೇರಿ 6.34 ಕೋಟಿ ಆಸ್ತಿ ಪತ್ತೆಯಾಗಿದೆ ಎಂದು ಲೋಕಾಯುಕ್ತ ಅಧಿಕಾರಿಗಳು ಮಾಹಿತಿ ನೀಡಿದ್ದಾರೆ.

ಬಸ್ ನಿಲ್ಲಿಸಿ ಹೆಚ್ಚುವರಿ ಬಸ್ಸಿಗೆ ಆಗ್ರಹ

ಮನವಿ ಪತ್ರಗಳು ನೀಡಿದರು ಅದಕ್ಕೆ ಪ್ರತಿಫಲ ಸಿಗದಂತೆ ಆಗಿದೆ. ಇದರಿಂದ ಸಮಯದ ಮೀರಿದ ನಂತರ ವಿದ್ಯಾರ್ಥಿಗಳು ಬಸ್ಸು ಮನೆಗಳಿಗೆ ತೆರಳ ಕಾಲ ನಡೆದ ಬಸ್ಸು ಹರಲೀಯಾಗಿಗೆ ಗ್ರೆಡ ಹಾಜರಾಗುತ್ತಾರೆ ಈ ಸಂದರ್ಭದಲ್ಲಿ ಮಂಜುನಾಥ, ಬಿ ಕೆ, ಹಾರಿಸಲ್ಲಾ ಎಮ್, ಗ್ರಾಮಸ್ಥರಾದ ಮುತ್ತಪ್ಪ ಬಾಬು, ಬಸವರಾಜ ಹೊಸಮನಿ, ಮಂಜುಪ್ಪ ಪೂಜಾರ ಮತ್ತಿತರರು ಉಪಸ್ಥಿತರಿದ್ದರು.

30ರಂದು ಬೃಹತ್ ಸಮಾವೇಶ

ಪಿತೃಸ್ವರದ ಅಂದಾಜು 25 ಲಕ್ಷ ಎಕರೆ ಭೂಮಿ ನೀರಾವರಿಗೆ ಒಳಪಡುವುದಲ್ಲದೇ ಇಂತಹ ಮಹತ್ವಾಕಾಂಕ್ಷಿ ಯೋಜನೆಯನ್ನು ಸರ್ಕಾರ ನಿರ್ಲಕ್ಷಿಸುತ್ತಿರುವುದು ಸರಿಯಲ್ಲ. ಯೋಜನೆಗೆ ತ್ವರಿತವಾಗಿ ಅನುದಾನ ಒದಗಿಸಬೇಕು. ಈ ನಿಟ್ಟಿನಲ್ಲಿ ಸರ್ಕಾರದ ಗಮನ ಸೆಳೆಯಲು 30ರಂದು ಬೃಹತ್ ಸಮಾವೇಶ ಹಮ್ಮಿಕೊಳ್ಳಲಾಗಿದೆ. ರೈತರು, ಸಂಘಟನೆಗಳ ಮುಖಂಡರು ಹೆಚ್ಚಿನ ಸಂಖ್ಯೆಯಲ್ಲಿ ಭಾಗವಹಿಸಬೇಕು ಎಂದು ಹೋರಾಟ ಸಮಿತಿ ಮುಖಂಡರು ಮನವಿ ಮಾಡಿದರು. ಅನೇಕ ರೈತರು ಉಪಸ್ಥಿತರಿದ್ದರು.

ಶಿವಮೂರ್ತಿ ಸ್ವಾಮೀಜಿ 53ನೇ ಪುಣ್ಯಸ್ಮರಣೆ

ಸಾನಿಧ್ಯ ವಹಿಸಿದ್ದರು. ಅತಿಥಿಗಳಾಗಿ ಶ್ರೀ ಶರಣಪ್ಪ ಕೊಟ್ಟಗಿ, ಶ್ರೀ ರಮೇಶ ಮಹಾದೇವಪ್ಪನವರ ಭಾಗವಹಿಸಿದ್ದರು. ಸಭೆಯ ಅಧ್ಯಕ್ಷತೆಯನ್ನು ಮಲ್ಲಿಕಾರ್ಜುನ ಸಾಹುಕಾರ ವಹಿಸಿ ಪ್ರಾಸ್ತಾವಿಕವಾಗಿ ಮಾತನಾಡಿದರು. ಸಮಾರಂಭದಲ್ಲಿ ಕಲಾವಿದರು, ಭಕ್ತರು, ಗ್ರಾಮದ ಗಣ್ಯರು ಪಾಲ್ಗೊಂಡಿದ್ದರು. ಶಿವಮೂರ್ತಿ ಸ್ವಾಮೀಜಿಗಳ 53ನೇ ಪುಣ್ಯಸ್ಮರಣೆ ಅಂಗವಾಗಿ ಬೆಳಗ್ಗೆ ಕತೃ ಗದ್ದುಗೆಗೆ ವಿಶೇಷ ಪೂಜೆ, ಅಭಿಷೇಕ, ಮಹಾಮಂಗಳಾರತಿ ನೆರವೇರಿತು. ನಂತರ ಮಹಾಪ್ರಸಾದ ವಿತರಣೆ ಮಾಡಲಾಯಿತು. ಕಾರ್ಯಕ್ರಮದಲ್ಲಿ ಶ್ರೀ ಲಿಂಗರಾಜ ಅಂಗಡಿ, ಸ್ವಾಗತ ಭಾಷಣ ಮಾಡಿದರು. ಶ್ರೀ ಸಂತೋಷ ಲೋಕಾಪೂರ ವಂದಿಸಿದರು.
